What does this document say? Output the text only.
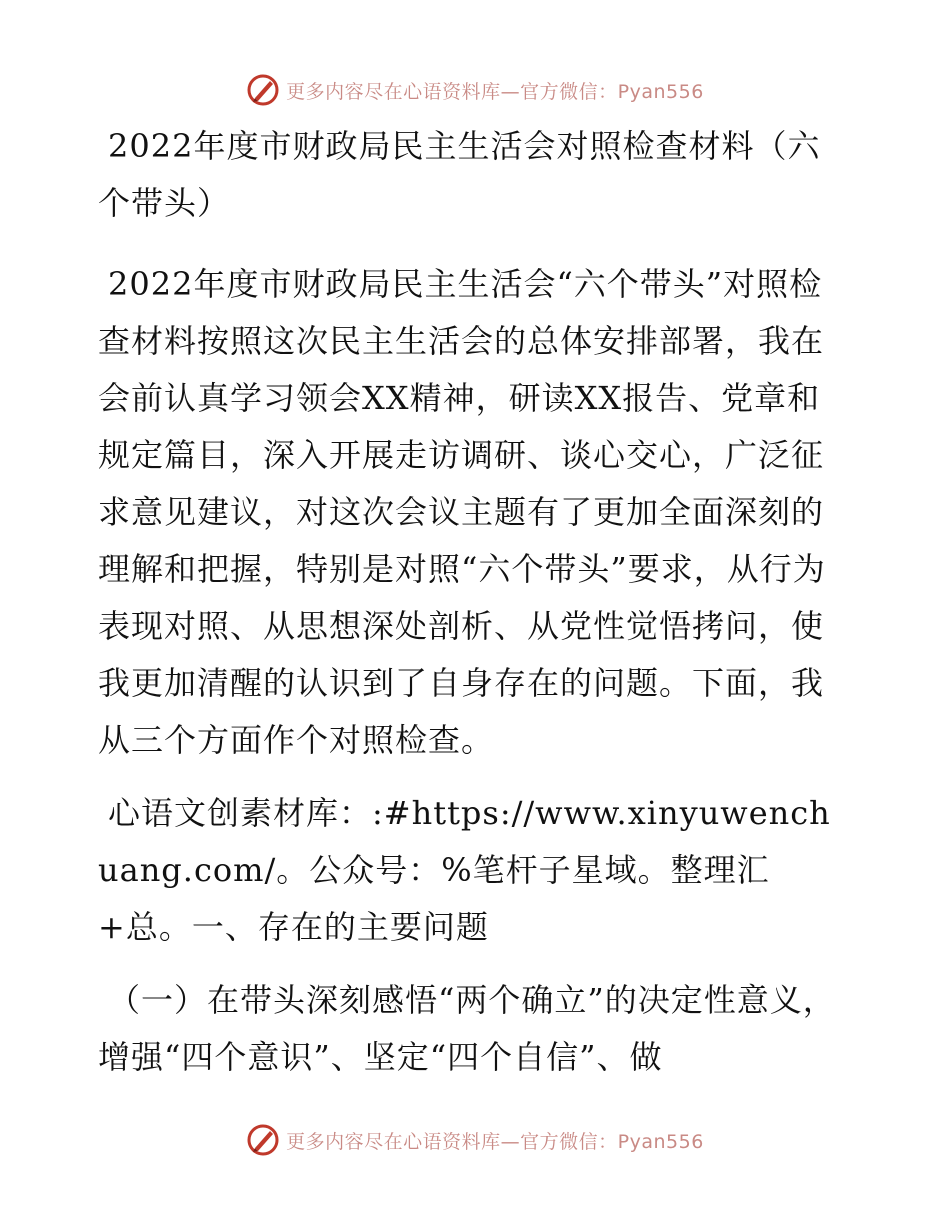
更多内容尽在心语资料库—官方微信：Pyan556

2022年度市财政局民主生活会对照检查材料（六个带头）

2022年度市财政局民主生活会“六个带头”对照检查材料按照这次民主生活会的总体安排部署，我在会前认真学习领会XX精神，研读XX报告、党章和规定篇目，深入开展走访调研、谈心交心，广泛征求意见建议，对这次会议主题有了更加全面深刻的理解和把握，特别是对照“六个带头”要求，从行为表现对照、从思想深处剖析、从党性觉悟拷问，使我更加清醒的认识到了自身存在的问题。下面，我从三个方面作个对照检查。

心语文创素材库：:#https://www.xinyuwenchuang.com/。公众号：%笔杆子星域。整理汇+总。一、存在的主要问题

（一）在带头深刻感悟“两个确立”的决定性意义，增强“四个意识”、坚定“四个自信”、做

更多内容尽在心语资料库—官方微信：Pyan556
